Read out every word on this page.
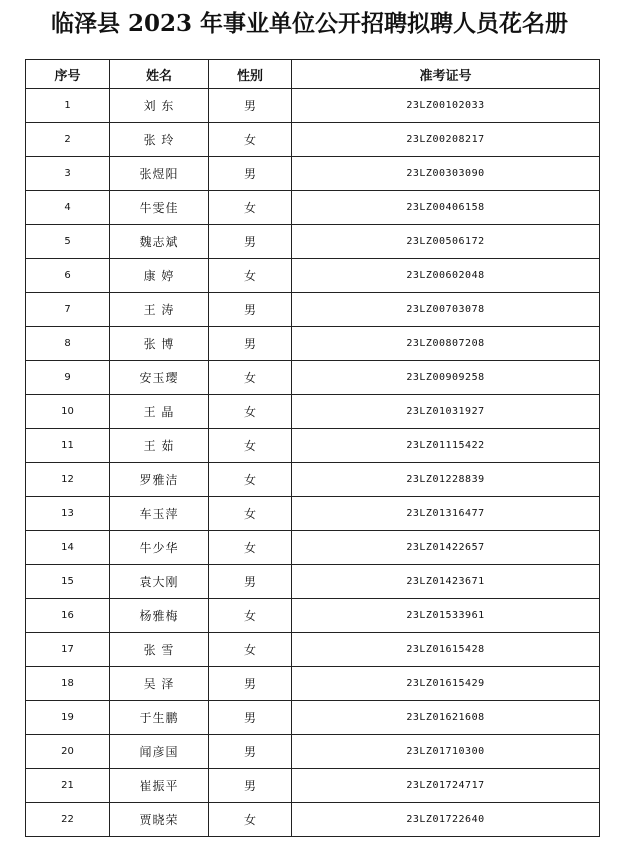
临泽县 2023 年事业单位公开招聘拟聘人员花名册
序号	姓名	性别	准考证号
1	刘 东	男	23LZ00102033
2	张 玲	女	23LZ00208217
3	张煜阳	男	23LZ00303090
4	牛雯佳	女	23LZ00406158
5	魏志斌	男	23LZ00506172
6	康 婷	女	23LZ00602048
7	王 涛	男	23LZ00703078
8	张 博	男	23LZ00807208
9	安玉璎	女	23LZ00909258
10	王 晶	女	23LZ01031927
11	王 茹	女	23LZ01115422
12	罗雅洁	女	23LZ01228839
13	车玉萍	女	23LZ01316477
14	牛少华	女	23LZ01422657
15	袁大刚	男	23LZ01423671
16	杨雅梅	女	23LZ01533961
17	张 雪	女	23LZ01615428
18	吴 泽	男	23LZ01615429
19	于生鹏	男	23LZ01621608
20	闻彦国	男	23LZ01710300
21	崔振平	男	23LZ01724717
22	贾晓荣	女	23LZ01722640
